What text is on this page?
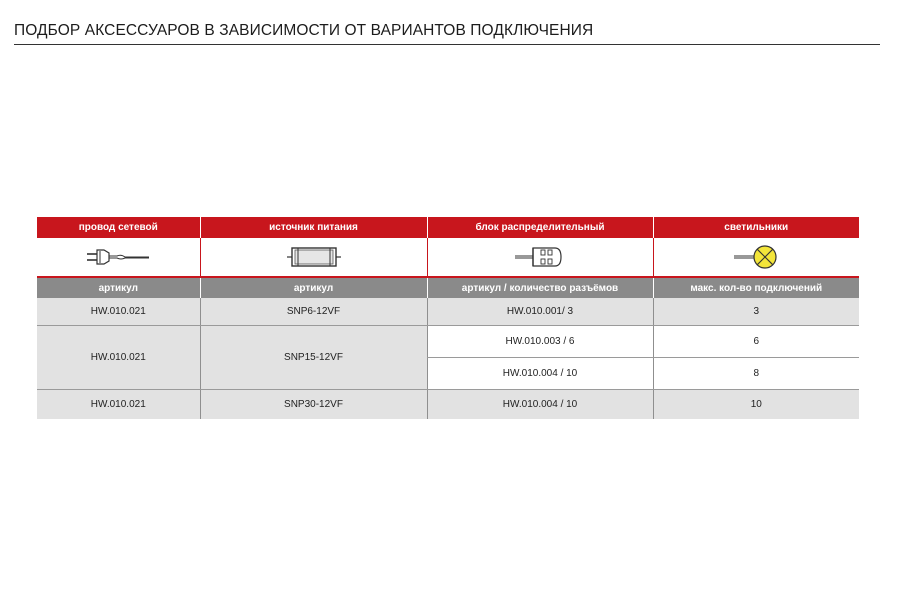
ПОДБОР АКСЕССУАРОВ В ЗАВИСИМОСТИ ОТ ВАРИАНТОВ ПОДКЛЮЧЕНИЯ
провод сетевой	источник питания	блок распределительный	светильники

артикул	артикул	артикул / количество разъёмов	макс. кол-во подключений
HW.010.021	SNP6-12VF	HW.010.001/ 3	3
HW.010.021	SNP15-12VF	HW.010.003 / 6	6
		HW.010.004 / 10	8
HW.010.021	SNP30-12VF	HW.010.004 / 10	10
